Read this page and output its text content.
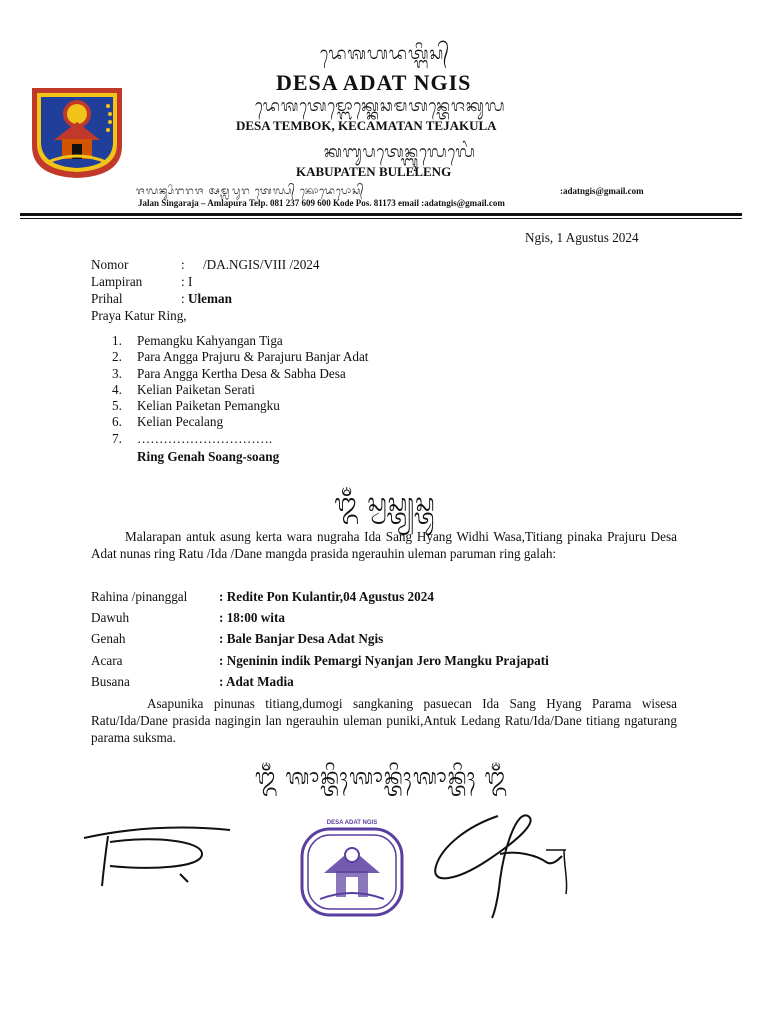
ᬤᬾᬰᬳᬤᬢ᭄ᬗᬶᬲ᭄
DESA ADAT NGIS
ᬤᬾᬰᬢᬾᬫ᭄ᬩᭀᬓ᭄ᬓᬾᬘᬫᬢᬦ᭄ᬢᬾᬚᬓᬸᬮ
DESA TEMBOK, KECAMATAN TEJAKULA
ᬓᬩᬸᬧᬢᬾᬦ᭄ᬩᬸᬮᬾᬮᬾᬂ
KABUPATEN BULELENG
ᬚᬮᬦ᭄ᬲᬶᬗᬭᬚ ᬅᬫ᭄ᬮᬧᬸᬭ ᬢᬾᬮ᭄ᬧ᭄ ᬓᭀᬤᬾᬧᭀᬲ᭄	:adatngis@gmail.com
Jalan Singaraja – Amlapura Telp. 081 237 609 600 Kode Pos. 81173 email :adatngis@gmail.com
Ngis, 1 Agustus 2024
Nomor	: /DA.NGIS/VIII /2024
Lampiran	: I
Prihal	: Uleman
Praya Katur Ring,
1. Pemangku Kahyangan Tiga
2. Para Angga Prajuru & Parajuru Banjar Adat
3. Para Angga Kertha Desa & Sabha Desa
4. Kelian Paiketan Serati
5. Kelian Paiketan Pemangku
6. Kelian Pecalang
7. ………………………….
Ring Genah Soang-soang
ᬑᬁ ᬲ᭄ᬯᬲ᭄ᬢ᭄ᬬᬲ᭄ᬢᬸ
Malarapan antuk asung kerta wara nugraha Ida Sang Hyang Widhi Wasa,Titiang pinaka Prajuru Desa Adat nunas ring Ratu /Ida /Dane mangda prasida ngerauhin uleman paruman ring galah:
Rahina /pinanggal : Redite Pon Kulantir,04 Agustus 2024
Dawuh	: 18:00 wita
Genah	: Bale Banjar Desa Adat Ngis
Acara	: Ngeninin indik Pemargi Nyanjan Jero Mangku Prajapati
Busana	: Adat Madia
Asapunika pinunas titiang,dumogi sangkaning pasuecan Ida Sang Hyang Parama wisesa Ratu/Ida/Dane prasida nagingin lan ngerauhin uleman puniki,Antuk Ledang Ratu/Ida/Dane titiang ngaturang parama suksma.
ᬑᬁ ᬰᬵᬦ᭄ᬢᬶᬄᬰᬵᬦ᭄ᬢᬶᬄᬰᬵᬦ᭄ᬢᬶᬄ ᬑᬁ
DESA ADAT NGIS
